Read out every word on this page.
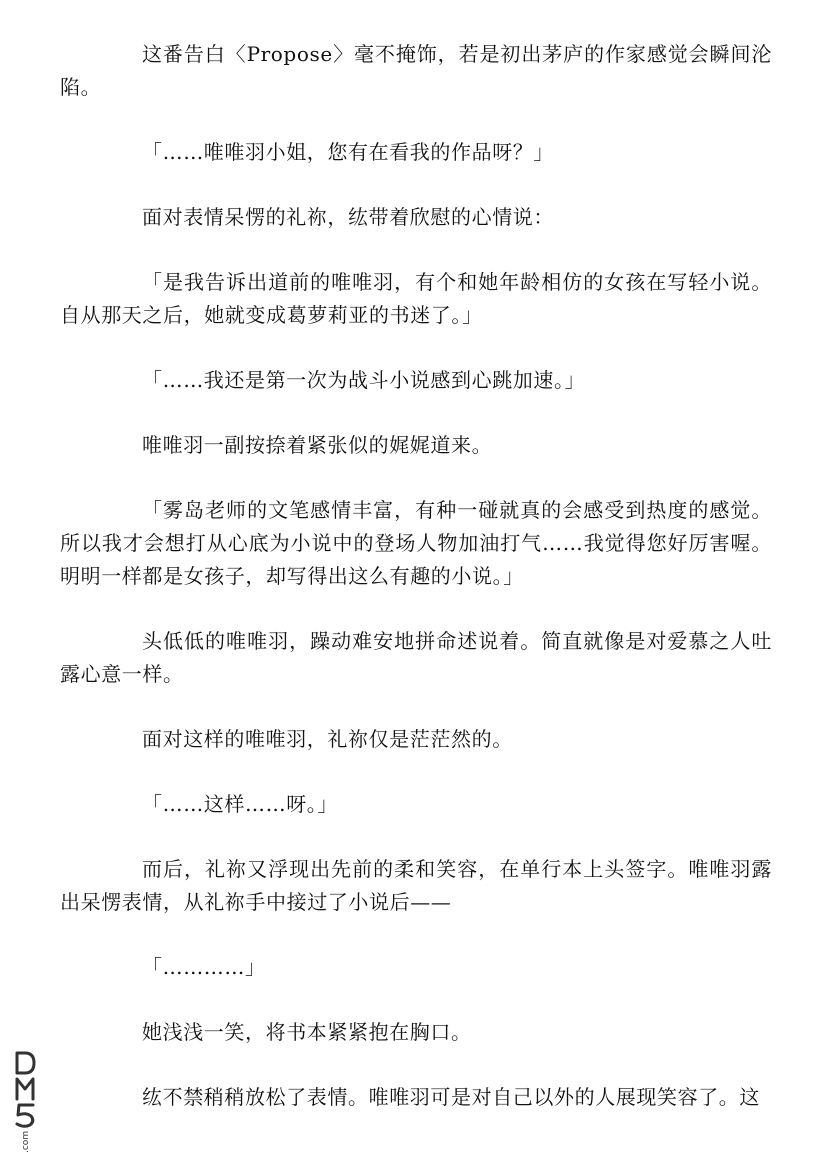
这番告白〈Propose〉毫不掩饰，若是初出茅庐的作家感觉会瞬间沦陷。

「……唯唯羽小姐，您有在看我的作品呀？」

面对表情呆愣的礼祢，纮带着欣慰的心情说：

「是我告诉出道前的唯唯羽，有个和她年龄相仿的女孩在写轻小说。自从那天之后，她就变成葛萝莉亚的书迷了。」

「……我还是第一次为战斗小说感到心跳加速。」

唯唯羽一副按捺着紧张似的娓娓道来。

「雾岛老师的文笔感情丰富，有种一碰就真的会感受到热度的感觉。所以我才会想打从心底为小说中的登场人物加油打气……我觉得您好厉害喔。明明一样都是女孩子，却写得出这么有趣的小说。」

头低低的唯唯羽，躁动难安地拼命述说着。简直就像是对爱慕之人吐露心意一样。

面对这样的唯唯羽，礼祢仅是茫茫然的。

「……这样……呀。」

而后，礼祢又浮现出先前的柔和笑容，在单行本上头签字。唯唯羽露出呆愣表情，从礼祢手中接过了小说后——

「…………」

她浅浅一笑，将书本紧紧抱在胸口。

纮不禁稍稍放松了表情。唯唯羽可是对自己以外的人展现笑容了。这

.com
